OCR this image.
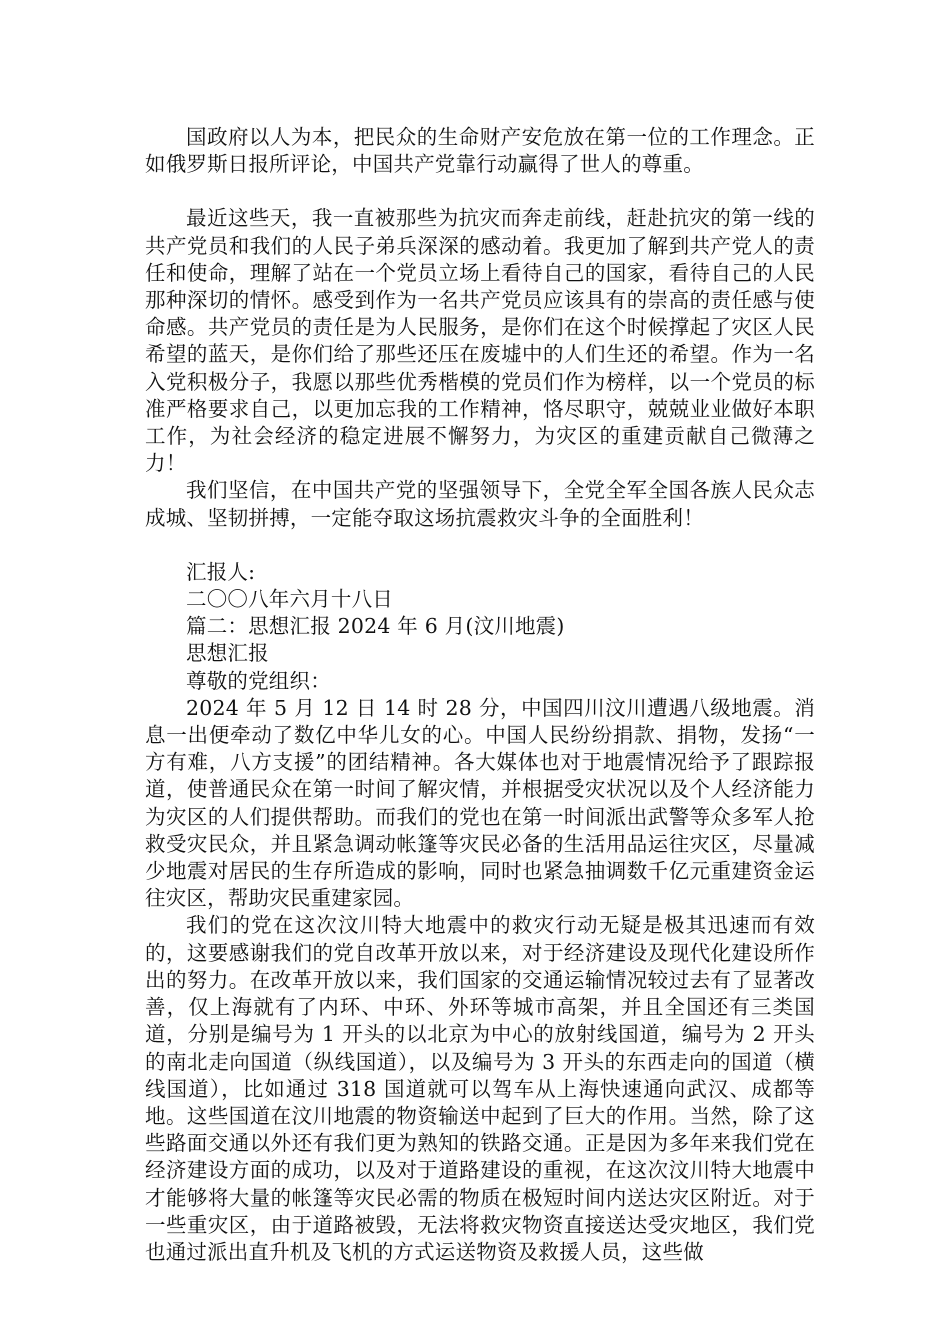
国政府以人为本，把民众的生命财产安危放在第一位的工作理念。正如俄罗斯日报所评论，中国共产党靠行动赢得了世人的尊重。

最近这些天，我一直被那些为抗灾而奔走前线，赶赴抗灾的第一线的共产党员和我们的人民子弟兵深深的感动着。我更加了解到共产党人的责任和使命，理解了站在一个党员立场上看待自己的国家，看待自己的人民那种深切的情怀。感受到作为一名共产党员应该具有的崇高的责任感与使命感。共产党员的责任是为人民服务，是你们在这个时候撑起了灾区人民希望的蓝天，是你们给了那些还压在废墟中的人们生还的希望。作为一名入党积极分子，我愿以那些优秀楷模的党员们作为榜样，以一个党员的标准严格要求自己，以更加忘我的工作精神，恪尽职守，兢兢业业做好本职工作，为社会经济的稳定进展不懈努力，为灾区的重建贡献自己微薄之力！

我们坚信，在中国共产党的坚强领导下，全党全军全国各族人民众志成城、坚韧拼搏，一定能夺取这场抗震救灾斗争的全面胜利！

汇报人:

二〇〇八年六月十八日

篇二：思想汇报 2024 年 6 月(汶川地震)

思想汇报

尊敬的党组织：

2024 年 5 月 12 日 14 时 28 分，中国四川汶川遭遇八级地震。消息一出便牵动了数亿中华儿女的心。中国人民纷纷捐款、捐物，发扬“一方有难，八方支援”的团结精神。各大媒体也对于地震情况给予了跟踪报道，使普通民众在第一时间了解灾情，并根据受灾状况以及个人经济能力为灾区的人们提供帮助。而我们的党也在第一时间派出武警等众多军人抢救受灾民众，并且紧急调动帐篷等灾民必备的生活用品运往灾区，尽量减少地震对居民的生存所造成的影响，同时也紧急抽调数千亿元重建资金运往灾区，帮助灾民重建家园。

我们的党在这次汶川特大地震中的救灾行动无疑是极其迅速而有效的，这要感谢我们的党自改革开放以来，对于经济建设及现代化建设所作出的努力。在改革开放以来，我们国家的交通运输情况较过去有了显著改善，仅上海就有了内环、中环、外环等城市高架，并且全国还有三类国道，分别是编号为 1 开头的以北京为中心的放射线国道，编号为 2 开头的南北走向国道（纵线国道），以及编号为 3 开头的东西走向的国道（横线国道），比如通过 318 国道就可以驾车从上海快速通向武汉、成都等地。这些国道在汶川地震的物资输送中起到了巨大的作用。当然，除了这些路面交通以外还有我们更为熟知的铁路交通。正是因为多年来我们党在经济建设方面的成功，以及对于道路建设的重视，在这次汶川特大地震中才能够将大量的帐篷等灾民必需的物质在极短时间内送达灾区附近。对于一些重灾区，由于道路被毁，无法将救灾物资直接送达受灾地区，我们党也通过派出直升机及飞机的方式运送物资及救援人员，这些做
